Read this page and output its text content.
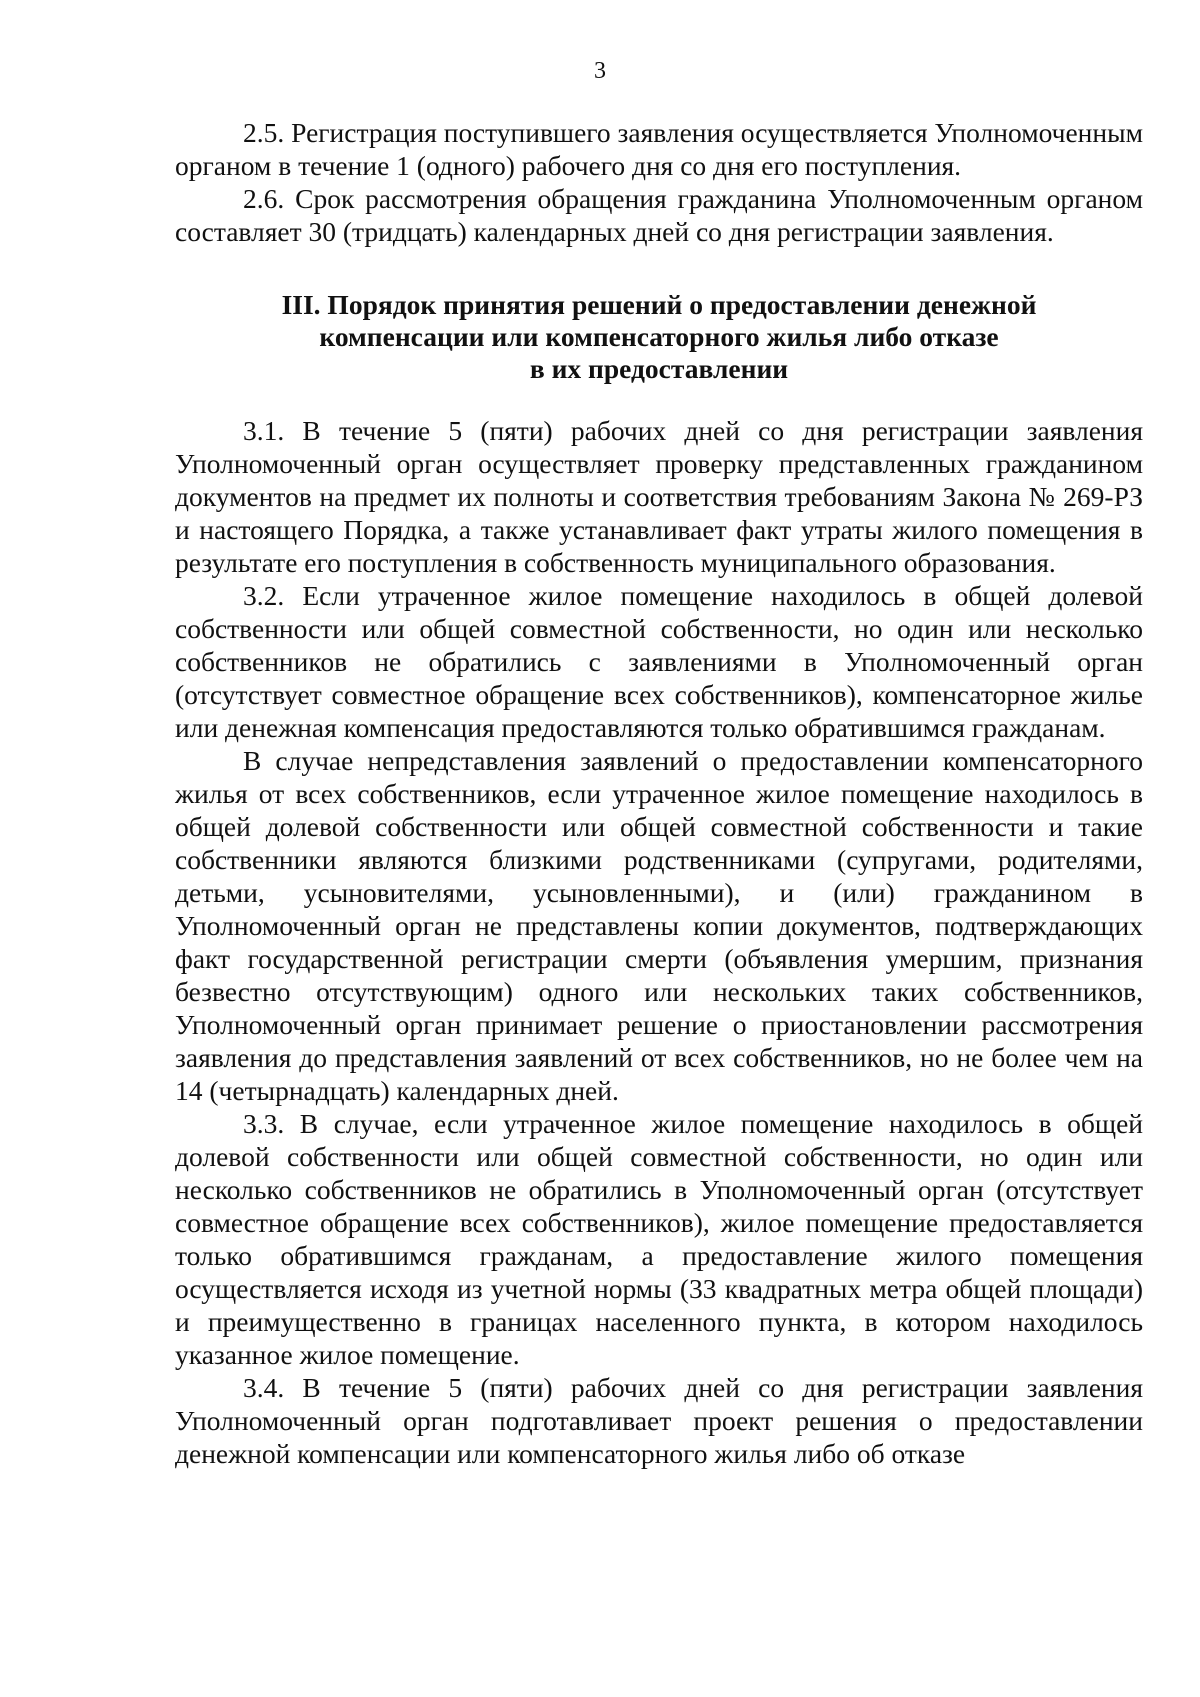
3

2.5. Регистрация поступившего заявления осуществляется Уполномоченным органом в течение 1 (одного) рабочего дня со дня его поступления.

2.6. Срок рассмотрения обращения гражданина Уполномоченным органом составляет 30 (тридцать) календарных дней со дня регистрации заявления.

III. Порядок принятия решений о предоставлении денежной
компенсации или компенсаторного жилья либо отказе
в их предоставлении

3.1. В течение 5 (пяти) рабочих дней со дня регистрации заявления Уполномоченный орган осуществляет проверку представленных гражданином документов на предмет их полноты и соответствия требованиям Закона № 269-РЗ и настоящего Порядка, а также устанавливает факт утраты жилого помещения в результате его поступления в собственность муниципального образования.

3.2. Если утраченное жилое помещение находилось в общей долевой собственности или общей совместной собственности, но один или несколько собственников не обратились с заявлениями в Уполномоченный орган (отсутствует совместное обращение всех собственников), компенсаторное жилье или денежная компенсация предоставляются только обратившимся гражданам.

В случае непредставления заявлений о предоставлении компенсаторного жилья от всех собственников, если утраченное жилое помещение находилось в общей долевой собственности или общей совместной собственности и такие собственники являются близкими родственниками (супругами, родителями, детьми, усыновителями, усыновленными), и (или) гражданином в Уполномоченный орган не представлены копии документов, подтверждающих факт государственной регистрации смерти (объявления умершим, признания безвестно отсутствующим) одного или нескольких таких собственников, Уполномоченный орган принимает решение о приостановлении рассмотрения заявления до представления заявлений от всех собственников, но не более чем на 14 (четырнадцать) календарных дней.

3.3. В случае, если утраченное жилое помещение находилось в общей долевой собственности или общей совместной собственности, но один или несколько собственников не обратились в Уполномоченный орган (отсутствует совместное обращение всех собственников), жилое помещение предоставляется только обратившимся гражданам, а предоставление жилого помещения осуществляется исходя из учетной нормы (33 квадратных метра общей площади) и преимущественно в границах населенного пункта, в котором находилось указанное жилое помещение.

3.4. В течение 5 (пяти) рабочих дней со дня регистрации заявления Уполномоченный орган подготавливает проект решения о предоставлении денежной компенсации или компенсаторного жилья либо об отказе
